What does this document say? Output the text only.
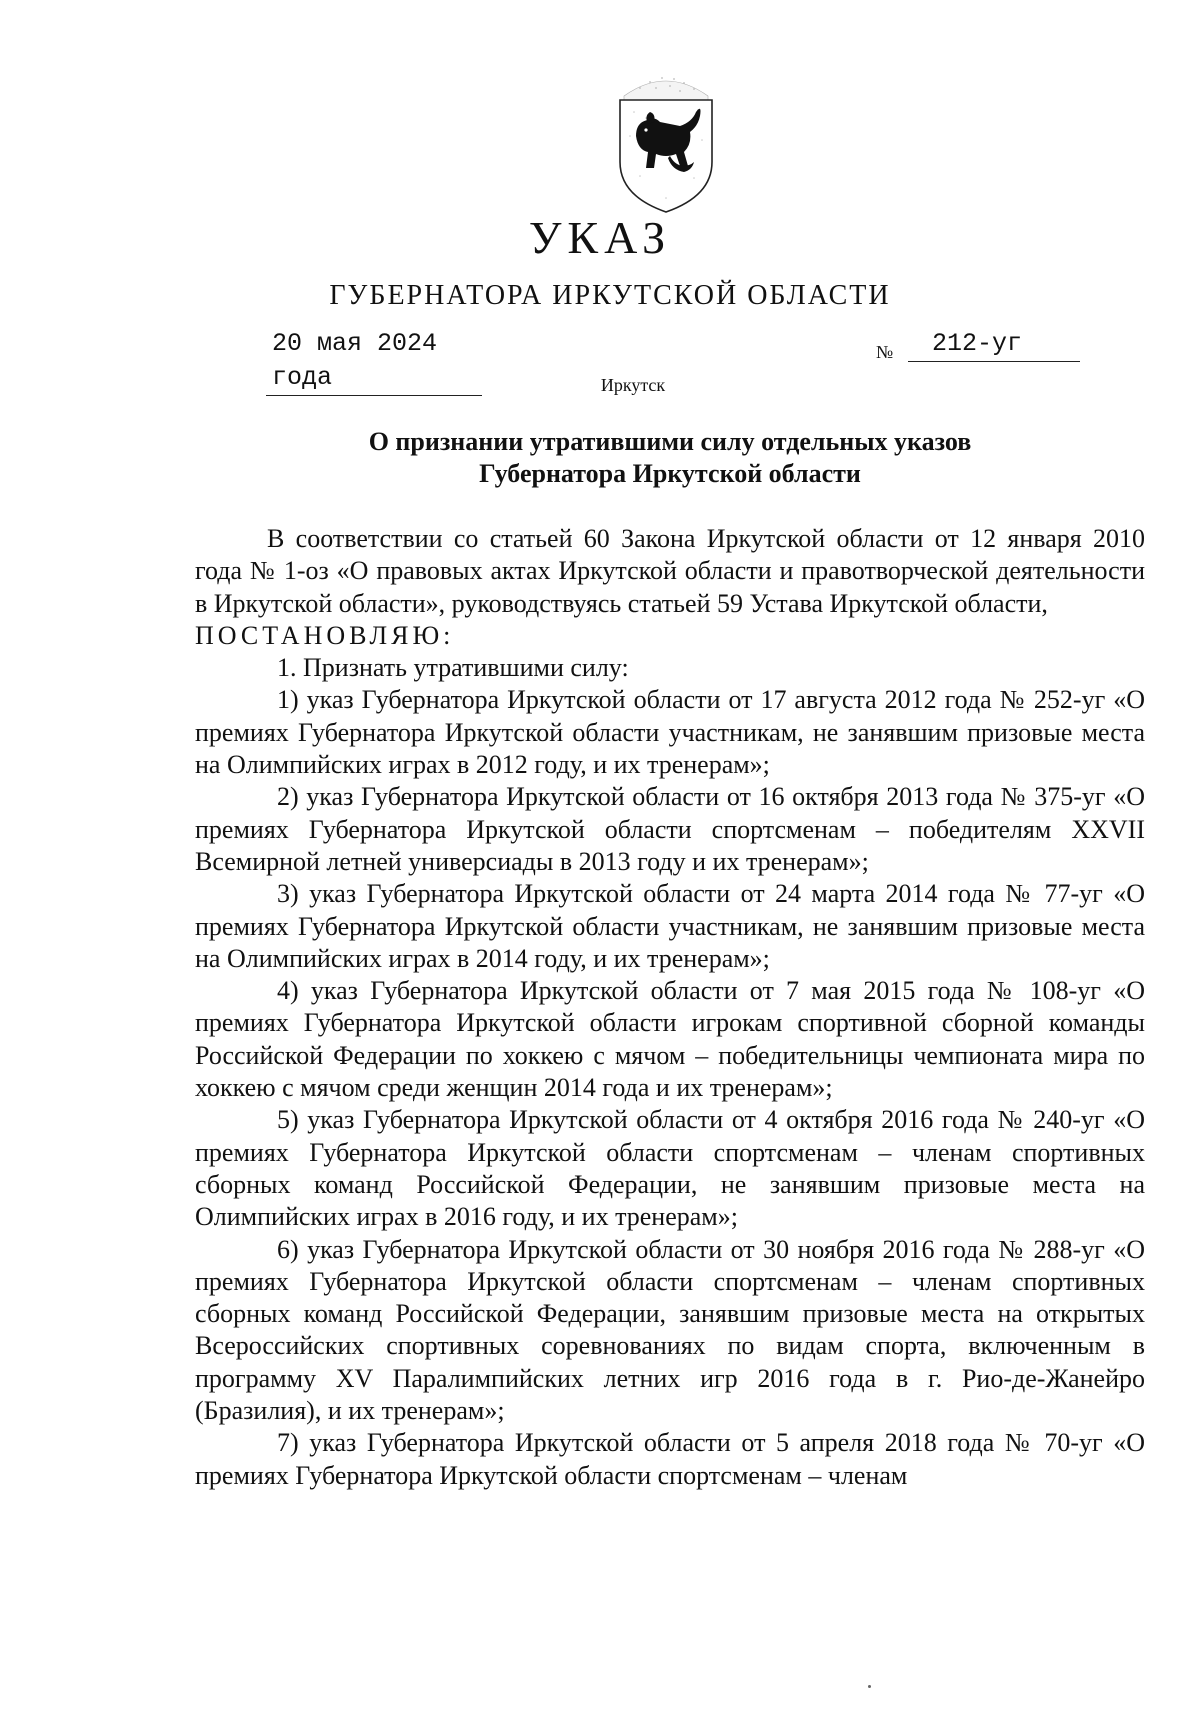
УКАЗ
ГУБЕРНАТОРА ИРКУТСКОЙ ОБЛАСТИ
20 мая 2024 года
№	212-уг
Иркутск
О признании утратившими силу отдельных указов
Губернатора Иркутской области

В соответствии со статьей 60 Закона Иркутской области от 12 января 2010 года № 1-оз «О правовых актах Иркутской области и правотворческой деятельности в Иркутской области», руководствуясь статьей 59 Устава Иркутской области,

ПОСТАНОВЛЯЮ:

1. Признать утратившими силу:

1) указ Губернатора Иркутской области от 17 августа 2012 года № 252-уг «О премиях Губернатора Иркутской области участникам, не занявшим призовые места на Олимпийских играх в 2012 году, и их тренерам»;

2) указ Губернатора Иркутской области от 16 октября 2013 года № 375-уг «О премиях Губернатора Иркутской области спортсменам – победителям XXVII Всемирной летней универсиады в 2013 году и их тренерам»;

3) указ Губернатора Иркутской области от 24 марта 2014 года № 77-уг «О премиях Губернатора Иркутской области участникам, не занявшим призовые места на Олимпийских играх в 2014 году, и их тренерам»;

4) указ Губернатора Иркутской области от 7 мая 2015 года № 108-уг «О премиях Губернатора Иркутской области игрокам спортивной сборной команды Российской Федерации по хоккею с мячом – победительницы чемпионата мира по хоккею с мячом среди женщин 2014 года и их тренерам»;

5) указ Губернатора Иркутской области от 4 октября 2016 года № 240-уг «О премиях Губернатора Иркутской области спортсменам – членам спортивных сборных команд Российской Федерации, не занявшим призовые места на Олимпийских играх в 2016 году, и их тренерам»;

6) указ Губернатора Иркутской области от 30 ноября 2016 года № 288-уг «О премиях Губернатора Иркутской области спортсменам – членам спортивных сборных команд Российской Федерации, занявшим призовые места на открытых Всероссийских спортивных соревнованиях по видам спорта, включенным в программу XV Паралимпийских летних игр 2016 года в г. Рио-де-Жанейро (Бразилия), и их тренерам»;

7) указ Губернатора Иркутской области от 5 апреля 2018 года № 70-уг «О премиях Губернатора Иркутской области спортсменам – членам
